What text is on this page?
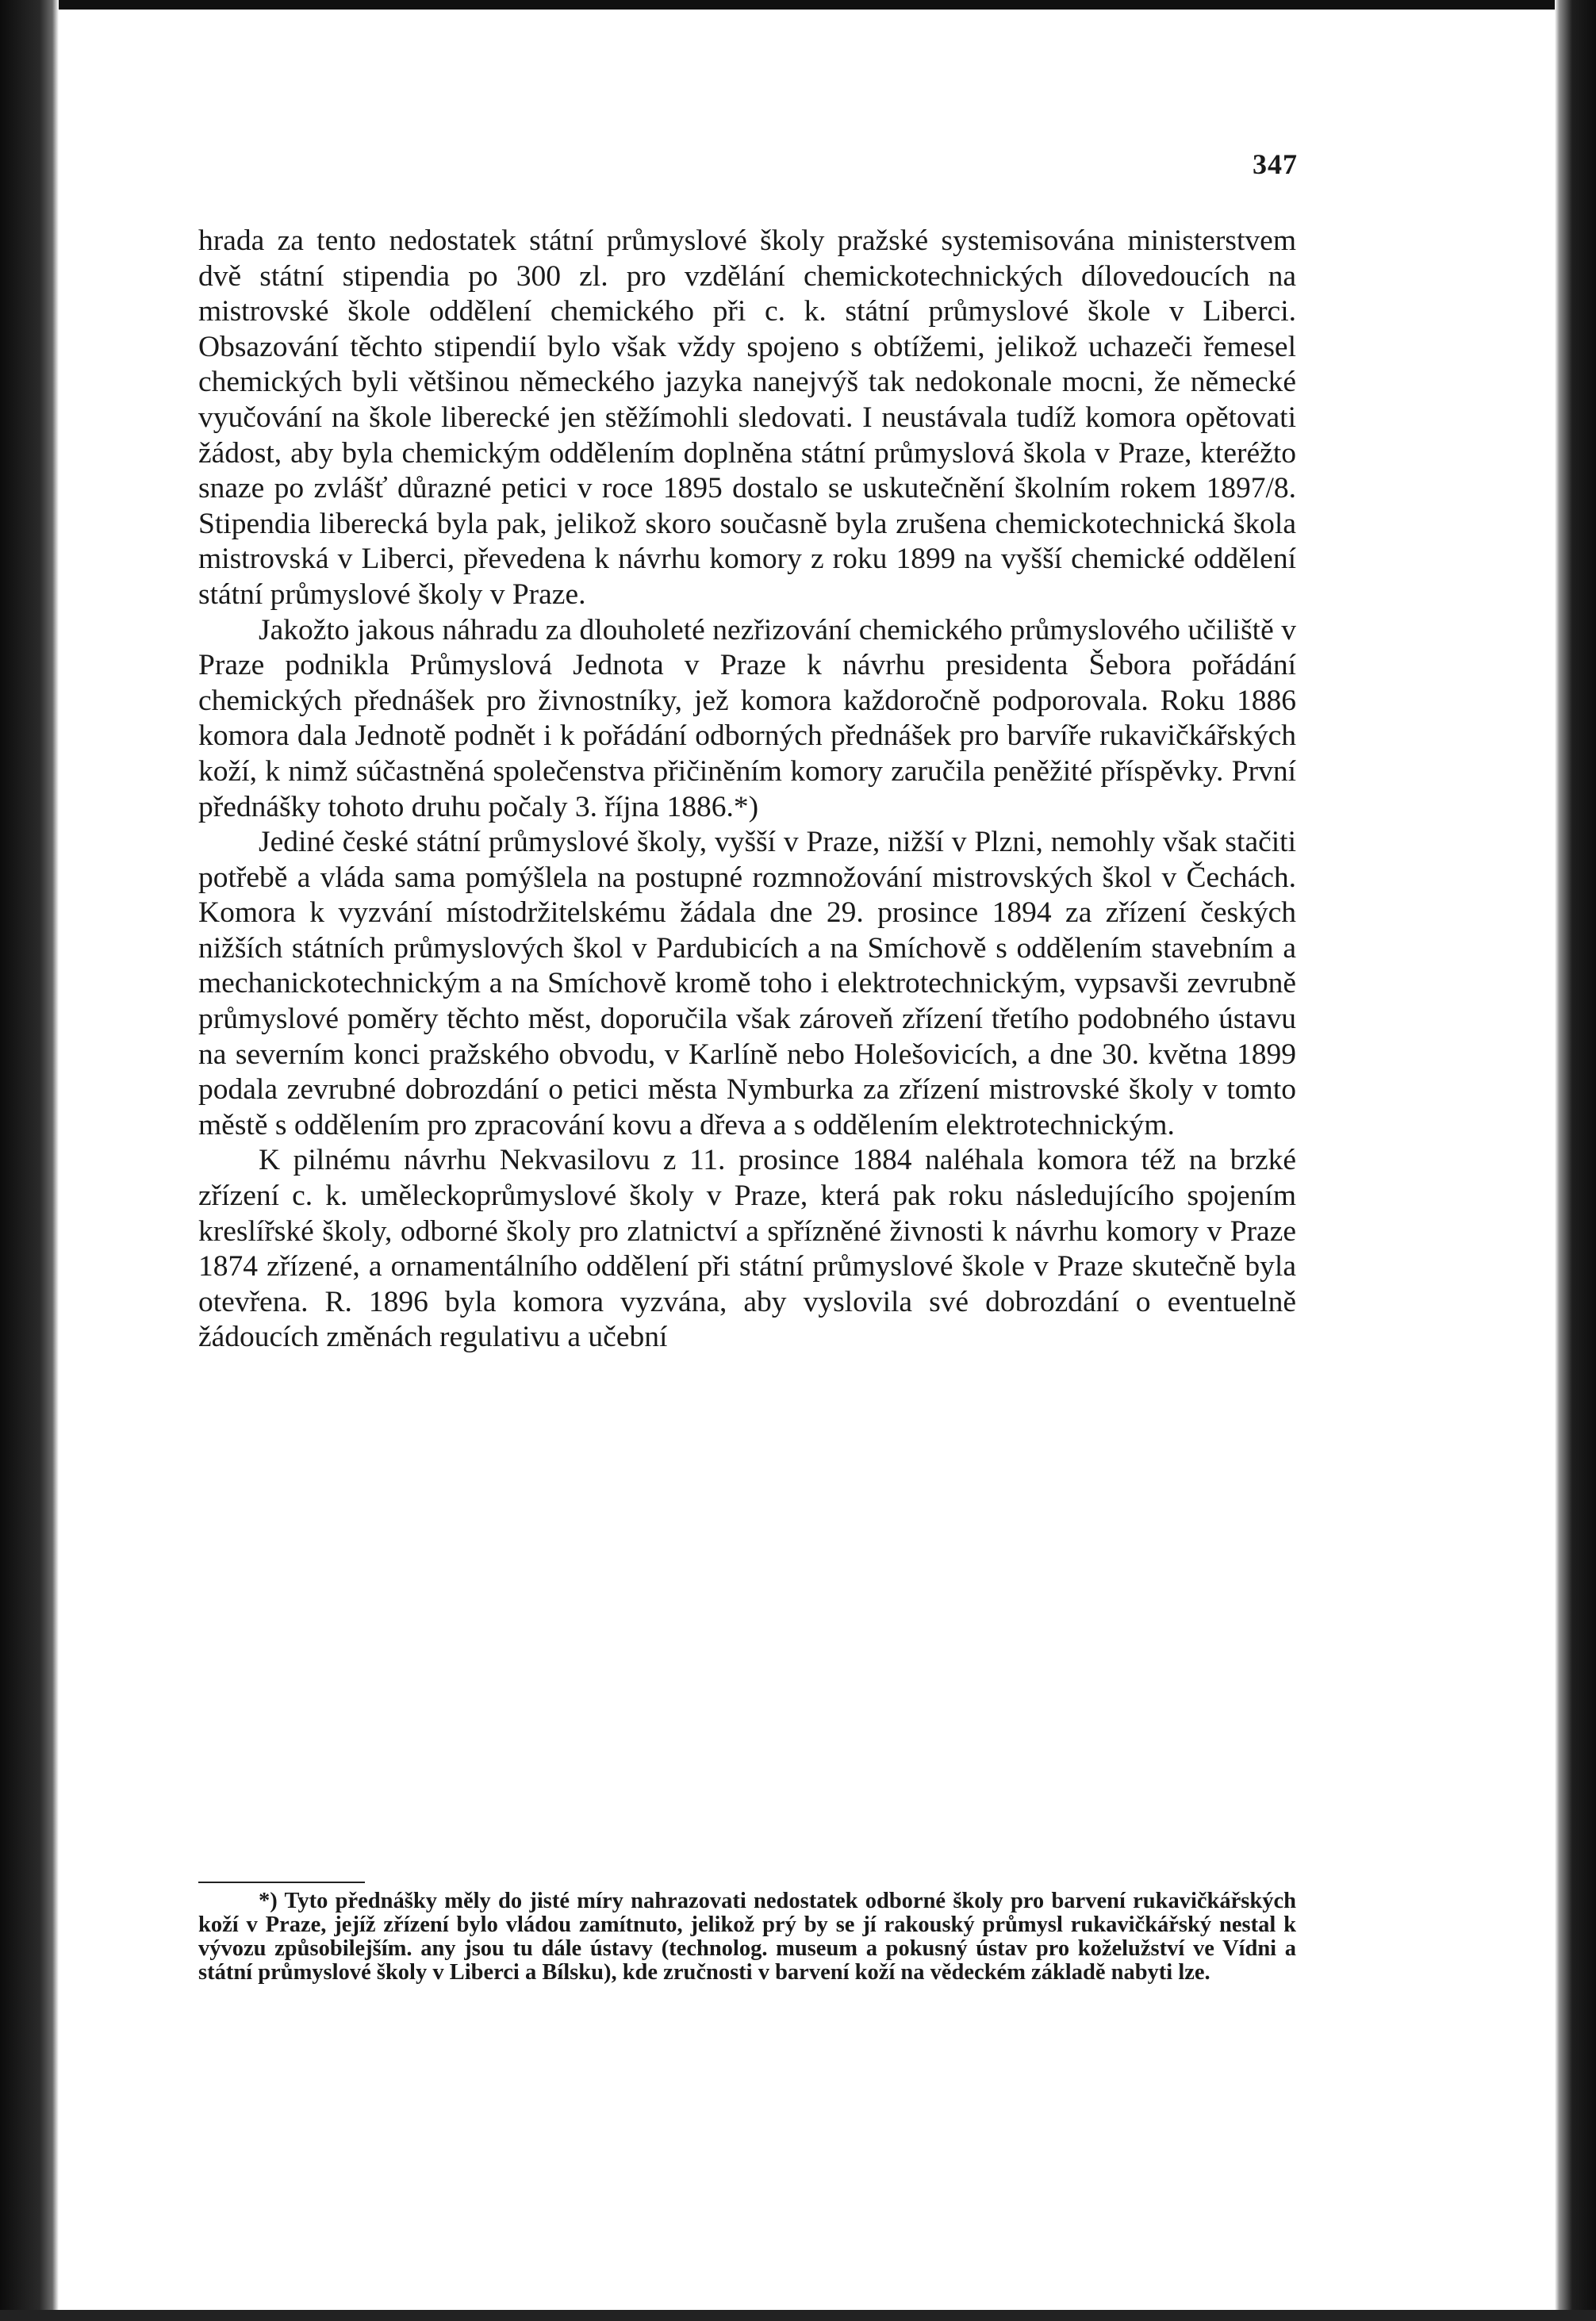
347

hrada za tento nedostatek státní průmyslové školy pražské systemisována ministerstvem dvě státní stipendia po 300 zl. pro vzdělání chemickotechnických dílovedoucích na mistrovské škole oddělení chemického při c. k. státní průmyslové škole v Liberci. Obsazování těchto stipendií bylo však vždy spojeno s obtížemi, jelikož uchazeči řemesel chemických byli většinou německého jazyka nanejvýš tak nedokonale mocni, že německé vyučování na škole liberecké jen stěžímohli sledovati. I neustávala tudíž komora opětovati žádost, aby byla chemickým oddělením doplněna státní průmyslová škola v Praze, kteréžto snaze po zvlášť důrazné petici v roce 1895 dostalo se uskutečnění školním rokem 1897/8. Stipendia liberecká byla pak, jelikož skoro současně byla zrušena chemickotechnická škola mistrovská v Liberci, převedena k návrhu komory z roku 1899 na vyšší chemické oddělení státní průmyslové školy v Praze.

Jakožto jakous náhradu za dlouholeté nezřizování chemického průmyslového učiliště v Praze podnikla Průmyslová Jednota v Praze k návrhu presidenta Šebora pořádání chemických přednášek pro živnostníky, jež komora každoročně podporovala. Roku 1886 komora dala Jednotě podnět i k pořádání odborných přednášek pro barvíře rukavičkářských koží, k nimž súčastněná společenstva přičiněním komory zaručila peněžité příspěvky. První přednášky tohoto druhu počaly 3. října 1886.*)

Jediné české státní průmyslové školy, vyšší v Praze, nižší v Plzni, nemohly však stačiti potřebě a vláda sama pomýšlela na postupné rozmnožování mistrovských škol v Čechách. Komora k vyzvání místodržitelskému žádala dne 29. prosince 1894 za zřízení českých nižších státních průmyslových škol v Pardubicích a na Smíchově s oddělením stavebním a mechanickotechnickým a na Smíchově kromě toho i elektrotechnickým, vypsavši zevrubně průmyslové poměry těchto měst, doporučila však zároveň zřízení třetího podobného ústavu na severním konci pražského obvodu, v Karlíně nebo Holešovicích, a dne 30. května 1899 podala zevrubné dobrozdání o petici města Nymburka za zřízení mistrovské školy v tomto městě s oddělením pro zpracování kovu a dřeva a s oddělením elektrotechnickým.

K pilnému návrhu Nekvasilovu z 11. prosince 1884 naléhala komora též na brzké zřízení c. k. uměleckoprůmyslové školy v Praze, která pak roku následujícího spojením kreslířské školy, odborné školy pro zlatnictví a spřízněné živnosti k návrhu komory v Praze 1874 zřízené, a ornamentálního oddělení při státní průmyslové škole v Praze skutečně byla otevřena. R. 1896 byla komora vyzvána, aby vyslovila své dobrozdání o eventuelně žádoucích změnách regulativu a učební

*) Tyto přednášky měly do jisté míry nahrazovati nedostatek odborné školy pro barvení rukavičkářských koží v Praze, jejíž zřízení bylo vládou zamítnuto, jelikož prý by se jí rakouský průmysl rukavičkářský nestal k vývozu způsobilejším. any jsou tu dále ústavy (technolog. museum a pokusný ústav pro koželužství ve Vídni a státní průmyslové školy v Liberci a Bílsku), kde zručnosti v barvení koží na vědeckém základě nabyti lze.
